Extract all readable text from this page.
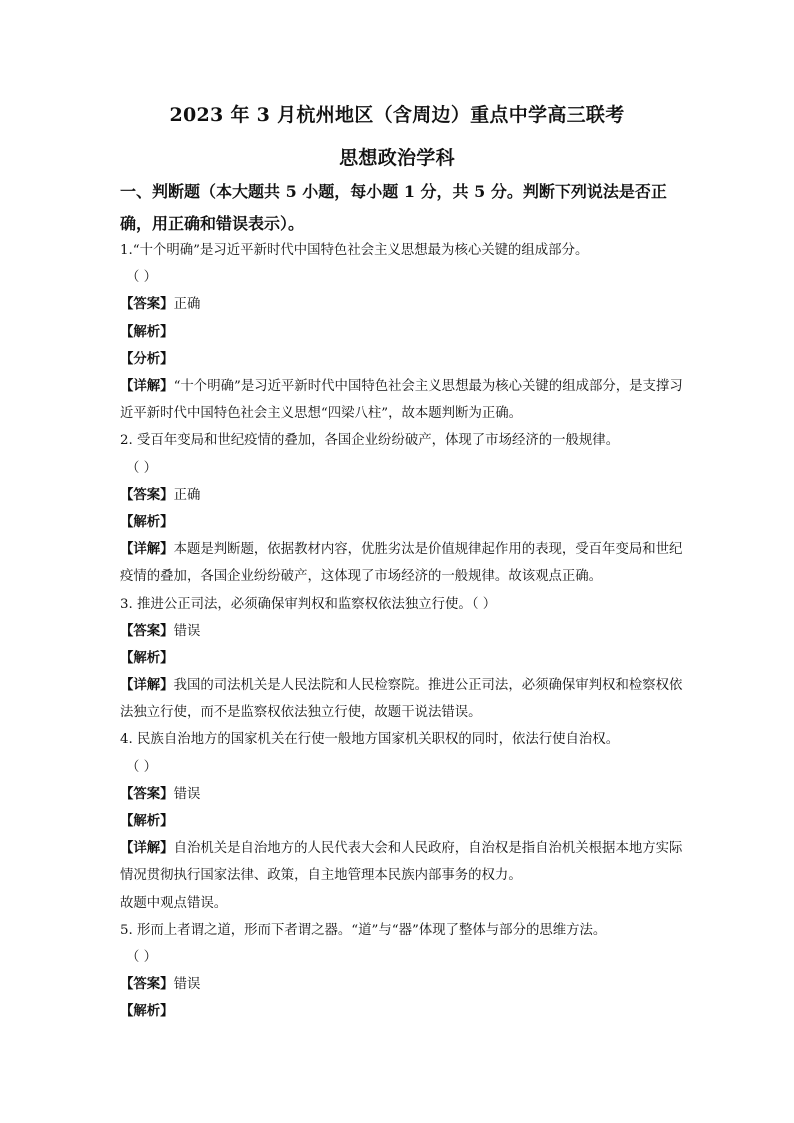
2023 年 3 月杭州地区（含周边）重点中学高三联考
思想政治学科
一、判断题（本大题共 5 小题，每小题 1 分，共 5 分。判断下列说法是否正确，用正确和错误表示）。
1.“十个明确”是习近平新时代中国特色社会主义思想最为核心关键的组成部分。
（ ）
【答案】正确
【解析】
【分析】
【详解】“十个明确”是习近平新时代中国特色社会主义思想最为核心关键的组成部分，是支撑习近平新时代中国特色社会主义思想“四梁八柱”，故本题判断为正确。
2. 受百年变局和世纪疫情的叠加，各国企业纷纷破产，体现了市场经济的一般规律。
（ ）
【答案】正确
【解析】
【详解】本题是判断题，依据教材内容，优胜劣汰是价值规律起作用的表现，受百年变局和世纪疫情的叠加，各国企业纷纷破产，这体现了市场经济的一般规律。故该观点正确。
3. 推进公正司法，必须确保审判权和监察权依法独立行使。（ ）
【答案】错误
【解析】
【详解】我国的司法机关是人民法院和人民检察院。推进公正司法，必须确保审判权和检察权依法独立行使，而不是监察权依法独立行使，故题干说法错误。
4. 民族自治地方的国家机关在行使一般地方国家机关职权的同时，依法行使自治权。
（ ）
【答案】错误
【解析】
【详解】自治机关是自治地方的人民代表大会和人民政府，自治权是指自治机关根据本地方实际情况贯彻执行国家法律、政策，自主地管理本民族内部事务的权力。
故题中观点错误。
5. 形而上者谓之道，形而下者谓之器。“道”与“器”体现了整体与部分的思维方法。
（ ）
【答案】错误
【解析】
